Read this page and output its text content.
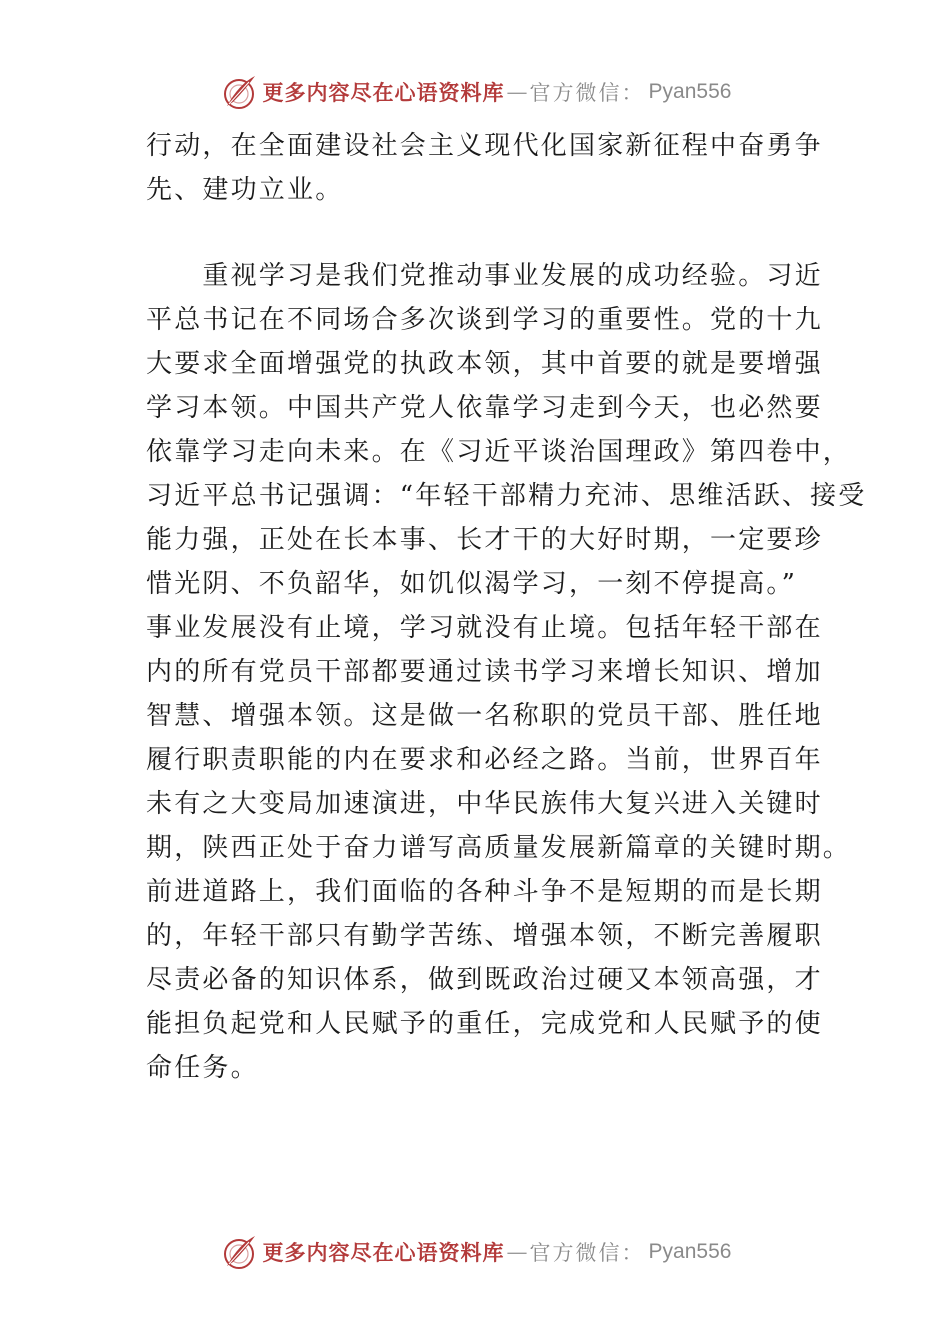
更多内容尽在心语资料库 — 官方微信： Pyan556

行动，在全面建设社会主义现代化国家新征程中奋勇争
先、建功立业。

　　重视学习是我们党推动事业发展的成功经验。习近
平总书记在不同场合多次谈到学习的重要性。党的十九
大要求全面增强党的执政本领，其中首要的就是要增强
学习本领。中国共产党人依靠学习走到今天，也必然要
依靠学习走向未来。在《习近平谈治国理政》第四卷中，
习近平总书记强调：“年轻干部精力充沛、思维活跃、接受
能力强，正处在长本事、长才干的大好时期，一定要珍
惜光阴、不负韶华，如饥似渴学习，一刻不停提高。”
事业发展没有止境，学习就没有止境。包括年轻干部在
内的所有党员干部都要通过读书学习来增长知识、增加
智慧、增强本领。这是做一名称职的党员干部、胜任地
履行职责职能的内在要求和必经之路。当前，世界百年
未有之大变局加速演进，中华民族伟大复兴进入关键时
期，陕西正处于奋力谱写高质量发展新篇章的关键时期。
前进道路上，我们面临的各种斗争不是短期的而是长期
的，年轻干部只有勤学苦练、增强本领，不断完善履职
尽责必备的知识体系，做到既政治过硬又本领高强，才
能担负起党和人民赋予的重任，完成党和人民赋予的使
命任务。

更多内容尽在心语资料库 — 官方微信： Pyan556
